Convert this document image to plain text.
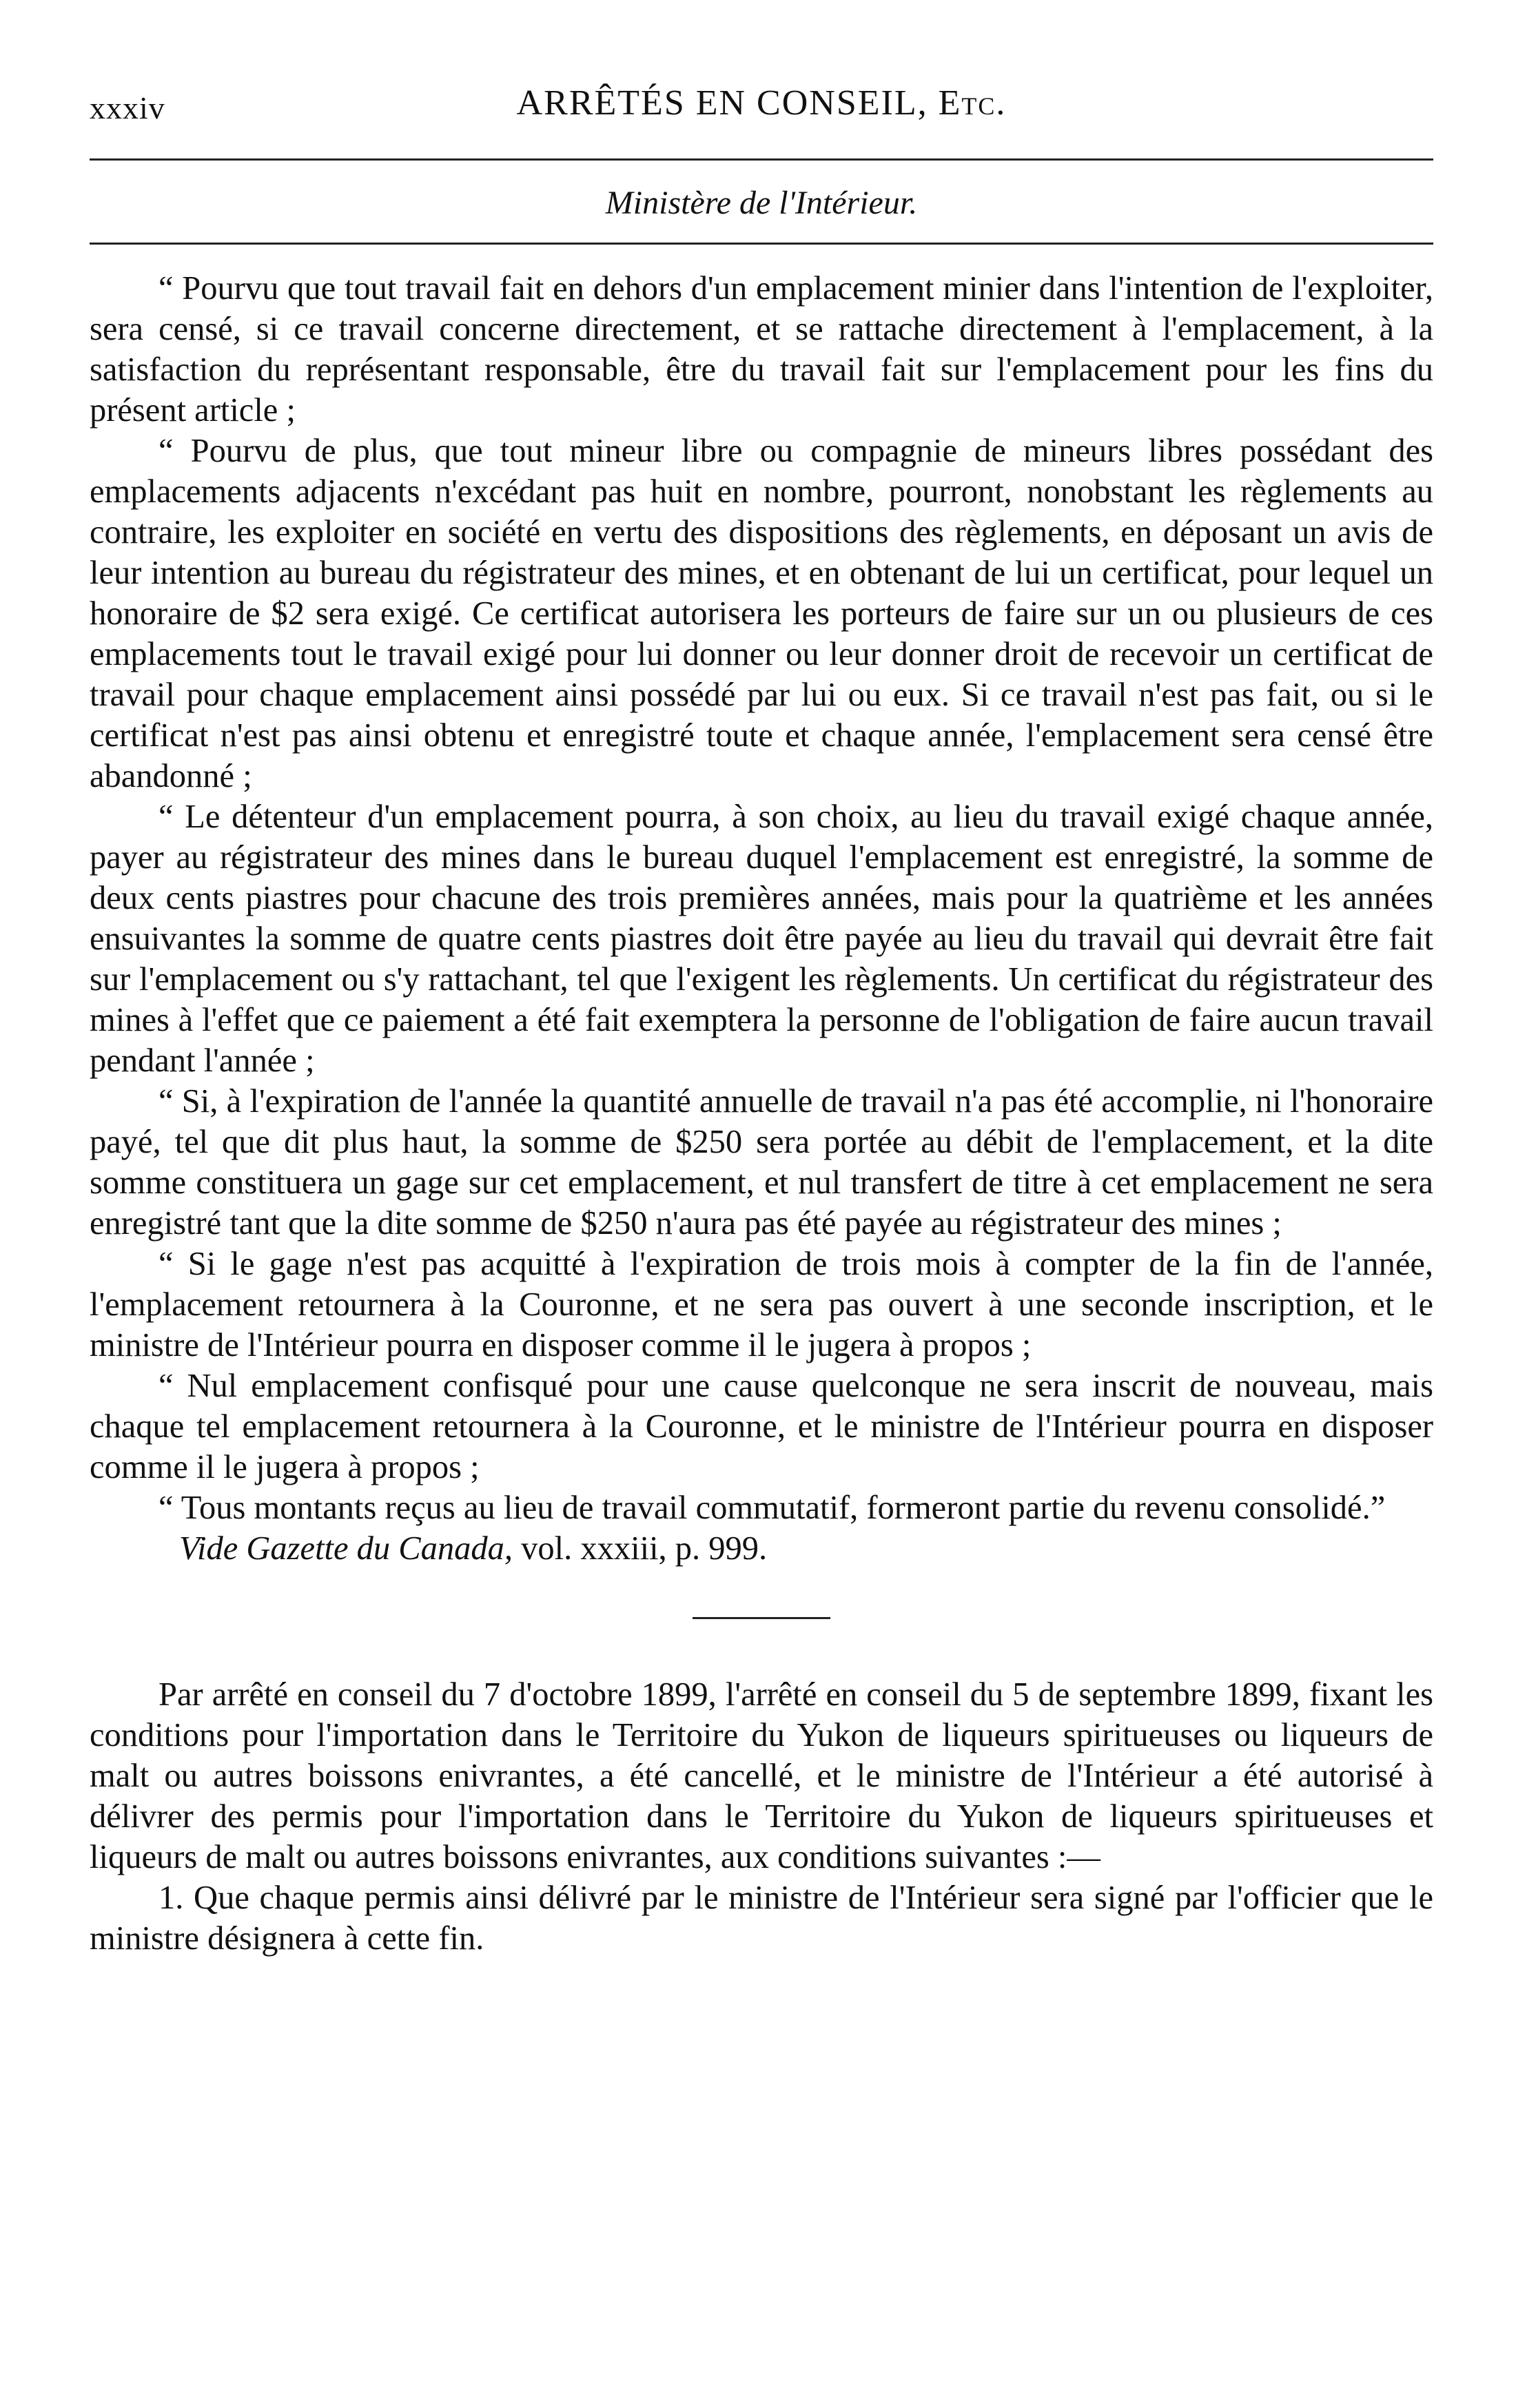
xxxiv	ARRÊTÉS EN CONSEIL, Etc.
Ministère de l'Intérieur.

“ Pourvu que tout travail fait en dehors d'un emplacement minier dans l'intention de l'exploiter, sera censé, si ce travail concerne directement, et se rattache directement à l'emplacement, à la satisfaction du représentant responsable, être du travail fait sur l'emplacement pour les fins du présent article ;

“ Pourvu de plus, que tout mineur libre ou compagnie de mineurs libres possédant des emplacements adjacents n'excédant pas huit en nombre, pourront, nonobstant les règlements au contraire, les exploiter en société en vertu des dispositions des règlements, en déposant un avis de leur intention au bureau du régistrateur des mines, et en obtenant de lui un certificat, pour lequel un honoraire de $2 sera exigé. Ce certificat autorisera les porteurs de faire sur un ou plusieurs de ces emplacements tout le travail exigé pour lui donner ou leur donner droit de recevoir un certificat de travail pour chaque emplacement ainsi possédé par lui ou eux. Si ce travail n'est pas fait, ou si le certificat n'est pas ainsi obtenu et enregistré toute et chaque année, l'emplacement sera censé être abandonné ;

“ Le détenteur d'un emplacement pourra, à son choix, au lieu du travail exigé chaque année, payer au régistrateur des mines dans le bureau duquel l'emplacement est enregistré, la somme de deux cents piastres pour chacune des trois premières années, mais pour la quatrième et les années ensuivantes la somme de quatre cents piastres doit être payée au lieu du travail qui devrait être fait sur l'emplacement ou s'y rattachant, tel que l'exigent les règlements. Un certificat du régistrateur des mines à l'effet que ce paiement a été fait exemptera la personne de l'obligation de faire aucun travail pendant l'année ;

“ Si, à l'expiration de l'année la quantité annuelle de travail n'a pas été accomplie, ni l'honoraire payé, tel que dit plus haut, la somme de $250 sera portée au débit de l'emplacement, et la dite somme constituera un gage sur cet emplacement, et nul transfert de titre à cet emplacement ne sera enregistré tant que la dite somme de $250 n'aura pas été payée au régistrateur des mines ;

“ Si le gage n'est pas acquitté à l'expiration de trois mois à compter de la fin de l'année, l'emplacement retournera à la Couronne, et ne sera pas ouvert à une seconde inscription, et le ministre de l'Intérieur pourra en disposer comme il le jugera à propos ;

“ Nul emplacement confisqué pour une cause quelconque ne sera inscrit de nouveau, mais chaque tel emplacement retournera à la Couronne, et le ministre de l'Intérieur pourra en disposer comme il le jugera à propos ;

“ Tous montants reçus au lieu de travail commutatif, formeront partie du revenu consolidé.”

Vide Gazette du Canada, vol. xxxiii, p. 999.

Par arrêté en conseil du 7 d'octobre 1899, l'arrêté en conseil du 5 de septembre 1899, fixant les conditions pour l'importation dans le Territoire du Yukon de liqueurs spiritueuses ou liqueurs de malt ou autres boissons enivrantes, a été cancellé, et le ministre de l'Intérieur a été autorisé à délivrer des permis pour l'importation dans le Territoire du Yukon de liqueurs spiritueuses et liqueurs de malt ou autres boissons enivrantes, aux conditions suivantes :—

1. Que chaque permis ainsi délivré par le ministre de l'Intérieur sera signé par l'officier que le ministre désignera à cette fin.
